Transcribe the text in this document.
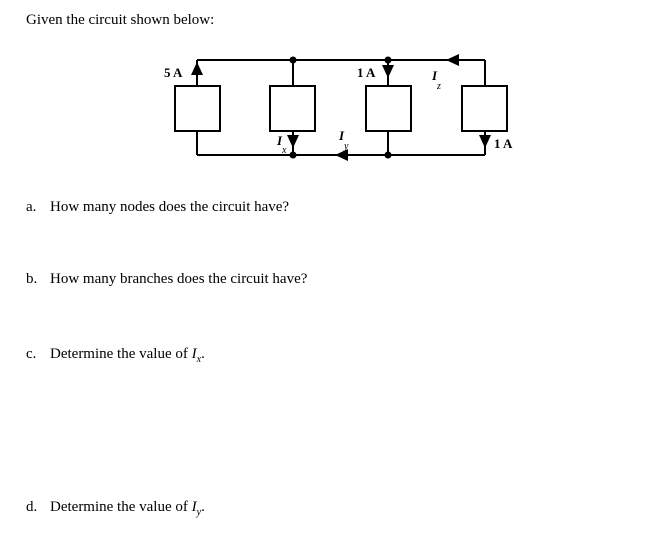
Given the circuit shown below:
5 A	1 A
1 A
I
I	I
z
x	y
a. How many nodes does the circuit have?
b. How many branches does the circuit have?
c. Determine the value of $I_x$.
d. Determine the value of $I_y$.
